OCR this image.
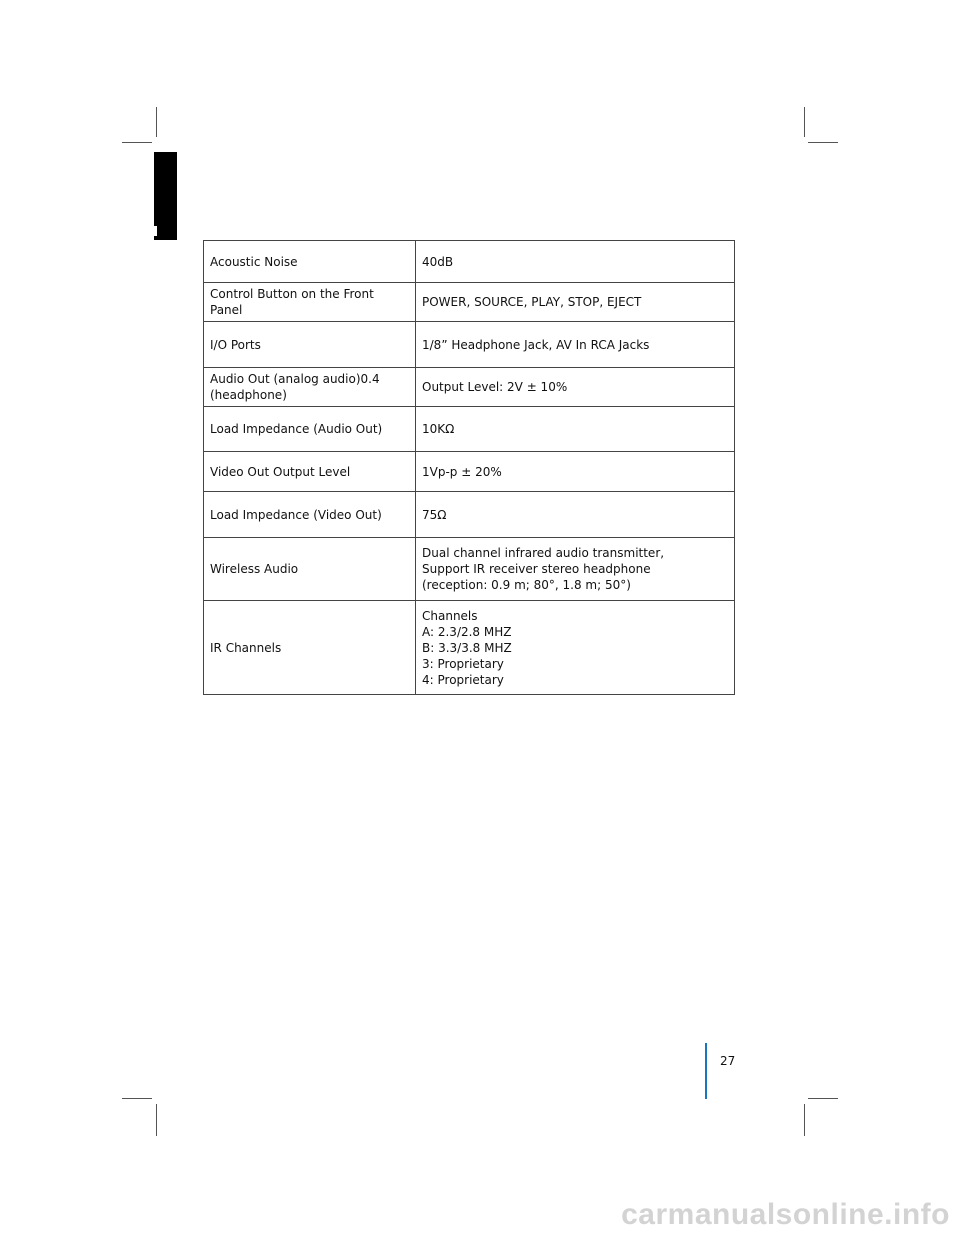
Acoustic Noise	40dB
Control Button on the Front Panel	POWER, SOURCE, PLAY, STOP, EJECT
I/O Ports	1/8” Headphone Jack, AV In RCA Jacks
Audio Out (analog audio)0.4
(headphone)	Output Level: 2V ± 10%
Load Impedance (Audio Out)	10KΩ
Video Out Output Level	1Vp-p ± 20%
Load Impedance (Video Out)	75Ω
Wireless Audio	Dual channel infrared audio transmitter,
Support IR receiver stereo headphone
(reception: 0.9 m; 80°, 1.8 m; 50°)
IR Channels	Channels
A: 2.3/2.8 MHZ
B: 3.3/3.8 MHZ
3: Proprietary
4: Proprietary
27
carmanualsonline.info
